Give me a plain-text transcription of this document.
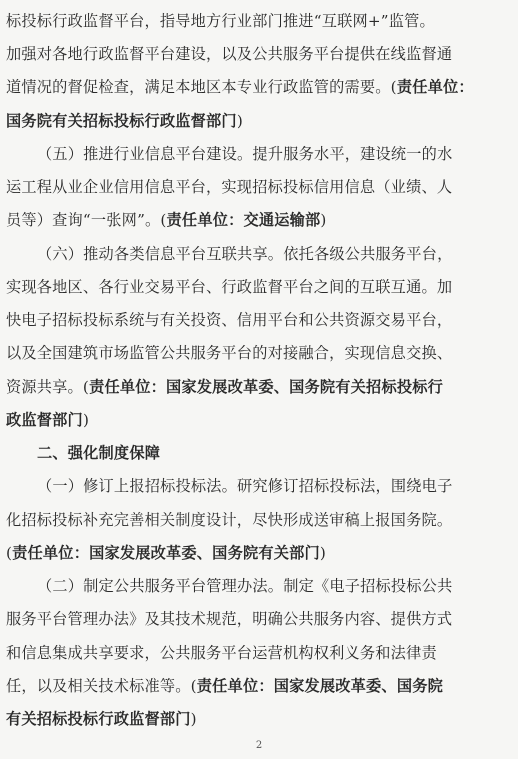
标投标行政监督平台，指导地方行业部门推进“互联网+”监管。
加强对各地行政监督平台建设，以及公共服务平台提供在线监督通
道情况的督促检查，满足本地区本专业行政监管的需要。(责任单位：
国务院有关招标投标行政监督部门)
（五）推进行业信息平台建设。提升服务水平，建设统一的水
运工程从业企业信用信息平台，实现招标投标信用信息（业绩、人
员等）查询“一张网”。(责任单位：交通运输部)
（六）推动各类信息平台互联共享。依托各级公共服务平台，
实现各地区、各行业交易平台、行政监督平台之间的互联互通。加
快电子招标投标系统与有关投资、信用平台和公共资源交易平台，
以及全国建筑市场监管公共服务平台的对接融合，实现信息交换、
资源共享。(责任单位：国家发展改革委、国务院有关招标投标行
政监督部门)
二、强化制度保障
（一）修订上报招标投标法。研究修订招标投标法，围绕电子
化招标投标补充完善相关制度设计，尽快形成送审稿上报国务院。
(责任单位：国家发展改革委、国务院有关部门)
（二）制定公共服务平台管理办法。制定《电子招标投标公共
服务平台管理办法》及其技术规范，明确公共服务内容、提供方式
和信息集成共享要求，公共服务平台运营机构权利义务和法律责
任，以及相关技术标准等。(责任单位：国家发展改革委、国务院
有关招标投标行政监督部门)
2
